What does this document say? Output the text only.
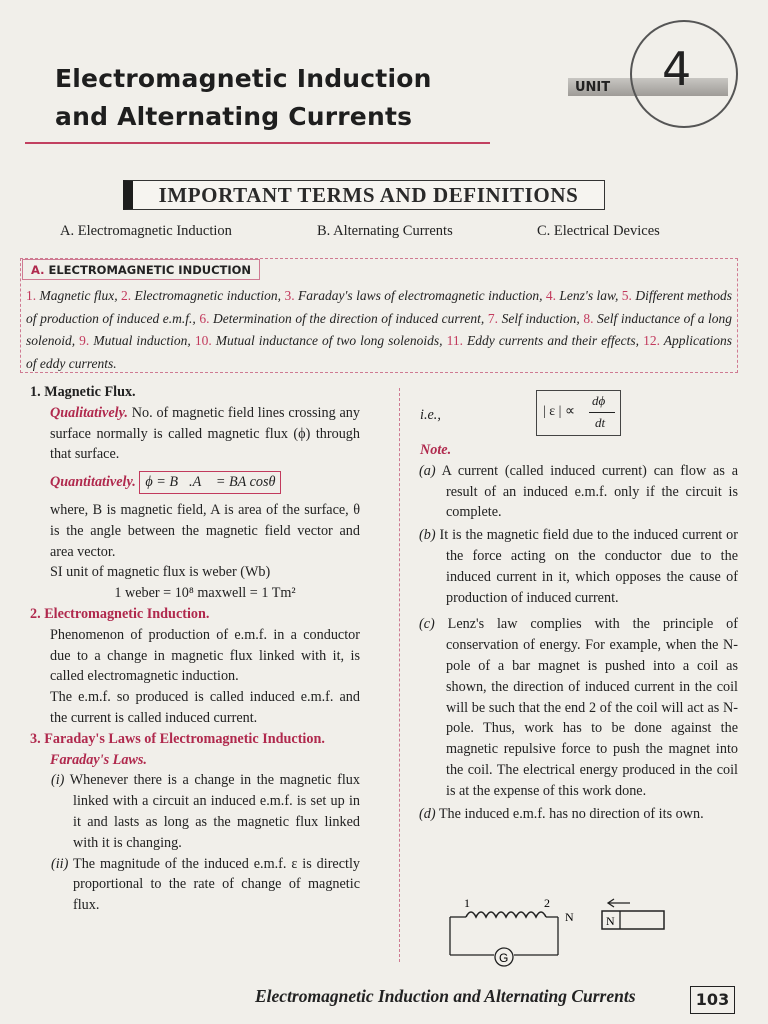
Electromagnetic Induction
and Alternating Currents
UNIT 4
IMPORTANT TERMS AND DEFINITIONS
A. Electromagnetic Induction	B. Alternating Currents	C. Electrical Devices
A. ELECTROMAGNETIC INDUCTION
1. Magnetic flux, 2. Electromagnetic induction, 3. Faraday's laws of electromagnetic induction, 4. Lenz's law, 5. Different methods of production of induced e.m.f., 6. Determination of the direction of induced current, 7. Self induction, 8. Self inductance of a long solenoid, 9. Mutual induction, 10. Mutual inductance of two long solenoids, 11. Eddy currents and their effects, 12. Applications of eddy currents.
1. Magnetic Flux.
Qualitatively. No. of magnetic field lines crossing any surface normally is called magnetic flux (ϕ) through that surface.
Quantitatively. ϕ = B⃗.A⃗ = BA cosθ
where, B is magnetic field, A is area of the surface, θ is the angle between the magnetic field vector and area vector.
SI unit of magnetic flux is weber (Wb)
1 weber = 10⁸ maxwell = 1 Tm²
2. Electromagnetic Induction.
Phenomenon of production of e.m.f. in a conductor due to a change in magnetic flux linked with it, is called electromagnetic induction.
The e.m.f. so produced is called induced e.m.f. and the current is called induced current.
3. Faraday's Laws of Electromagnetic Induction.
Faraday's Laws.
(i) Whenever there is a change in the magnetic flux linked with a circuit an induced e.m.f. is set up in it and lasts as long as the magnetic flux linked with it is changing.
(ii) The magnitude of the induced e.m.f. ε is directly proportional to the rate of change of magnetic flux.
i.e.,	| ε | ∝
dϕ
dt
Note.
(a) A current (called induced current) can flow as a result of an induced e.m.f. only if the circuit is complete.
(b) It is the magnetic field due to the induced current or the force acting on the conductor due to the induced current in it, which opposes the cause of production of induced current.
(c) Lenz's law complies with the principle of conservation of energy. For example, when the N-pole of a bar magnet is pushed into a coil as shown, the direction of induced current in the coil will be such that the end 2 of the coil will act as N-pole. Thus, work has to be done against the magnetic repulsive force to push the magnet into the coil. The electrical energy produced in the coil is at the expense of this work done.
(d) The induced e.m.f. has no direction of its own.
1	2
G
N	N
Electromagnetic Induction and Alternating Currents	103
